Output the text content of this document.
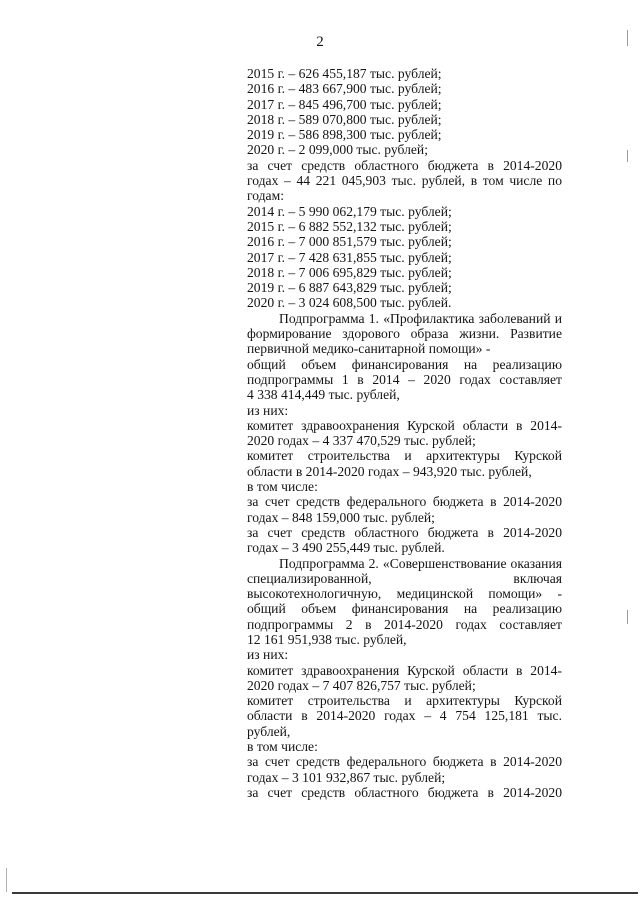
2
2015 г. – 626 455,187 тыс. рублей;
2016 г. – 483 667,900 тыс. рублей;
2017 г. – 845 496,700 тыс. рублей;
2018 г. – 589 070,800 тыс. рублей;
2019 г. – 586 898,300 тыс. рублей;
2020 г. – 2 099,000 тыс. рублей;
за счет средств областного бюджета в 2014-2020
годах – 44 221 045,903 тыс. рублей, в том числе по
годам:
2014 г. – 5 990 062,179 тыс. рублей;
2015 г. – 6 882 552,132 тыс. рублей;
2016 г. – 7 000 851,579 тыс. рублей;
2017 г. – 7 428 631,855 тыс. рублей;
2018 г. – 7 006 695,829 тыс. рублей;
2019 г. – 6 887 643,829 тыс. рублей;
2020 г. – 3 024 608,500 тыс. рублей.
Подпрограмма 1. «Профилактика заболеваний и
формирование здорового образа жизни. Развитие
первичной медико-санитарной помощи» -
общий объем финансирования на реализацию
подпрограммы 1 в 2014 – 2020 годах составляет
4 338 414,449 тыс. рублей,
из них:
комитет здравоохранения Курской области в 2014-
2020 годах – 4 337 470,529 тыс. рублей;
комитет строительства и архитектуры Курской
области в 2014-2020 годах – 943,920 тыс. рублей,
в том числе:
за счет средств федерального бюджета в 2014-2020
годах – 848 159,000 тыс. рублей;
за счет средств областного бюджета в 2014-2020
годах – 3 490 255,449 тыс. рублей.
Подпрограмма 2. «Совершенствование оказания
специализированной, включая
высокотехнологичную, медицинской помощи» -
общий объем финансирования на реализацию
подпрограммы 2 в 2014-2020 годах составляет
12 161 951,938 тыс. рублей,
из них:
комитет здравоохранения Курской области в 2014-
2020 годах – 7 407 826,757 тыс. рублей;
комитет строительства и архитектуры Курской
области в 2014-2020 годах – 4 754 125,181 тыс.
рублей,
в том числе:
за счет средств федерального бюджета в 2014-2020
годах – 3 101 932,867 тыс. рублей;
за счет средств областного бюджета в 2014-2020
